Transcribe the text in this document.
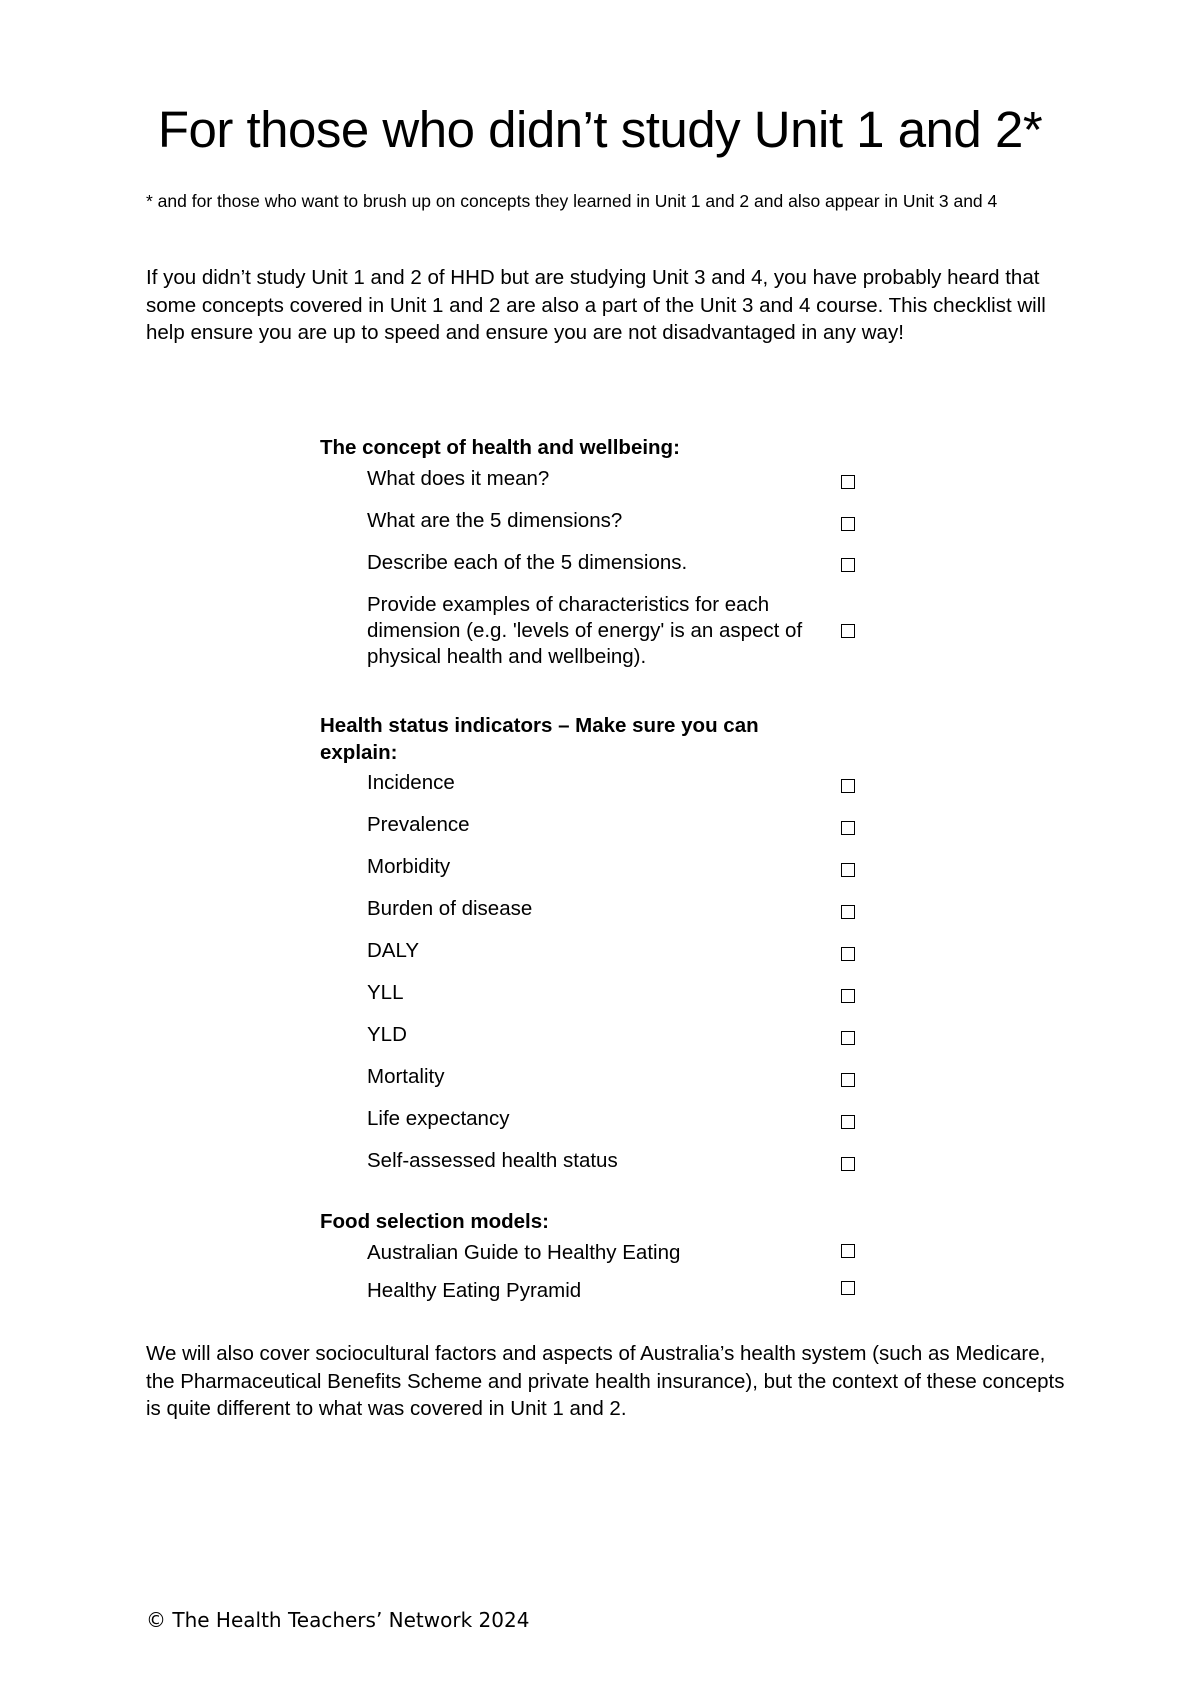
For those who didn’t study Unit 1 and 2*

* and for those who want to brush up on concepts they learned in Unit 1 and 2 and also appear in Unit 3 and 4

If you didn’t study Unit 1 and 2 of HHD but are studying Unit 3 and 4, you have probably heard that some concepts covered in Unit 1 and 2 are also a part of the Unit 3 and 4 course. This checklist will help ensure you are up to speed and ensure you are not disadvantaged in any way!

The concept of health and wellbeing:
What does it mean?
What are the 5 dimensions?
Describe each of the 5 dimensions.
Provide examples of characteristics for each dimension (e.g. 'levels of energy' is an aspect of physical health and wellbeing).
Health status indicators – Make sure you can explain:
Incidence
Prevalence
Morbidity
Burden of disease
DALY
YLL
YLD
Mortality
Life expectancy
Self-assessed health status
Food selection models:
Australian Guide to Healthy Eating
Healthy Eating Pyramid

We will also cover sociocultural factors and aspects of Australia’s health system (such as Medicare, the Pharmaceutical Benefits Scheme and private health insurance), but the context of these concepts is quite different to what was covered in Unit 1 and 2.

© The Health Teachers’ Network 2024
